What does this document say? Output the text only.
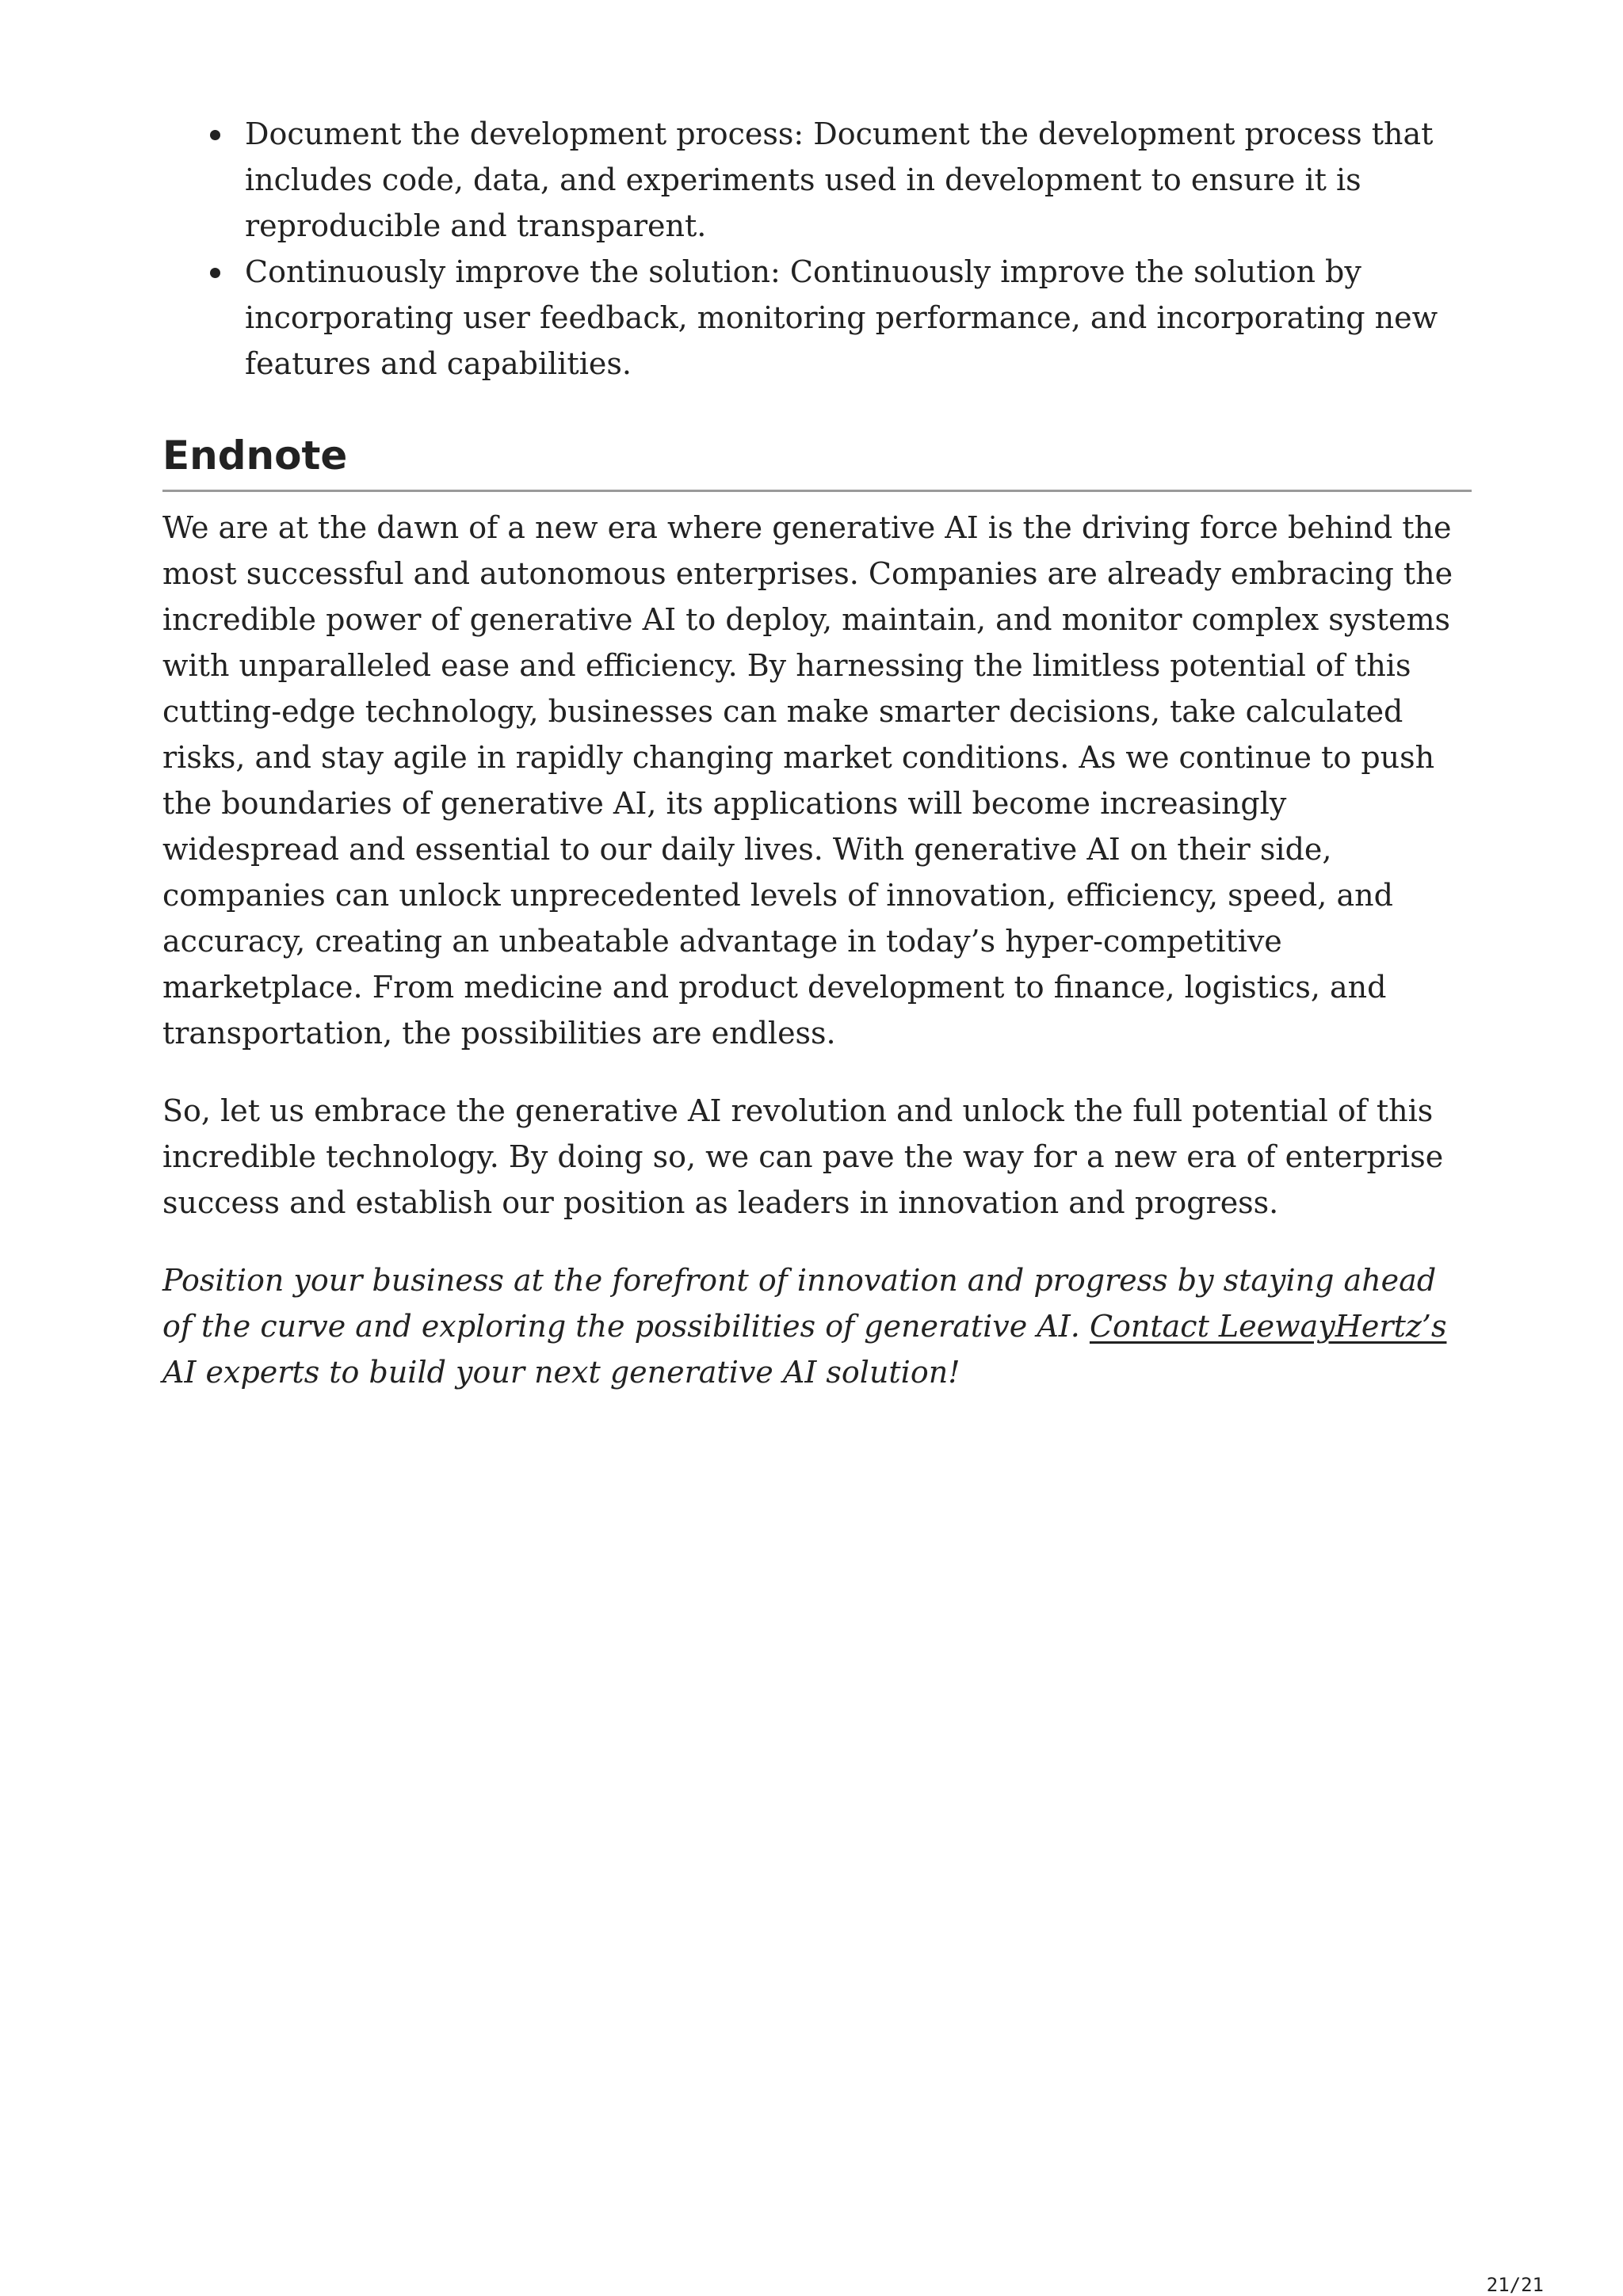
Document the development process: Document the development process that includes code, data, and experiments used in development to ensure it is reproducible and transparent.
Continuously improve the solution: Continuously improve the solution by incorporating user feedback, monitoring performance, and incorporating new features and capabilities.
Endnote

We are at the dawn of a new era where generative AI is the driving force behind the most successful and autonomous enterprises. Companies are already embracing the incredible power of generative AI to deploy, maintain, and monitor complex systems with unparalleled ease and efficiency. By harnessing the limitless potential of this cutting-edge technology, businesses can make smarter decisions, take calculated risks, and stay agile in rapidly changing market conditions. As we continue to push the boundaries of generative AI, its applications will become increasingly widespread and essential to our daily lives. With generative AI on their side, companies can unlock unprecedented levels of innovation, efficiency, speed, and accuracy, creating an unbeatable advantage in today’s hyper-competitive marketplace. From medicine and product development to finance, logistics, and transportation, the possibilities are endless.

So, let us embrace the generative AI revolution and unlock the full potential of this incredible technology. By doing so, we can pave the way for a new era of enterprise success and establish our position as leaders in innovation and progress.

Position your business at the forefront of innovation and progress by staying ahead of the curve and exploring the possibilities of generative AI. Contact LeewayHertz’s AI experts to build your next generative AI solution!

21/21
